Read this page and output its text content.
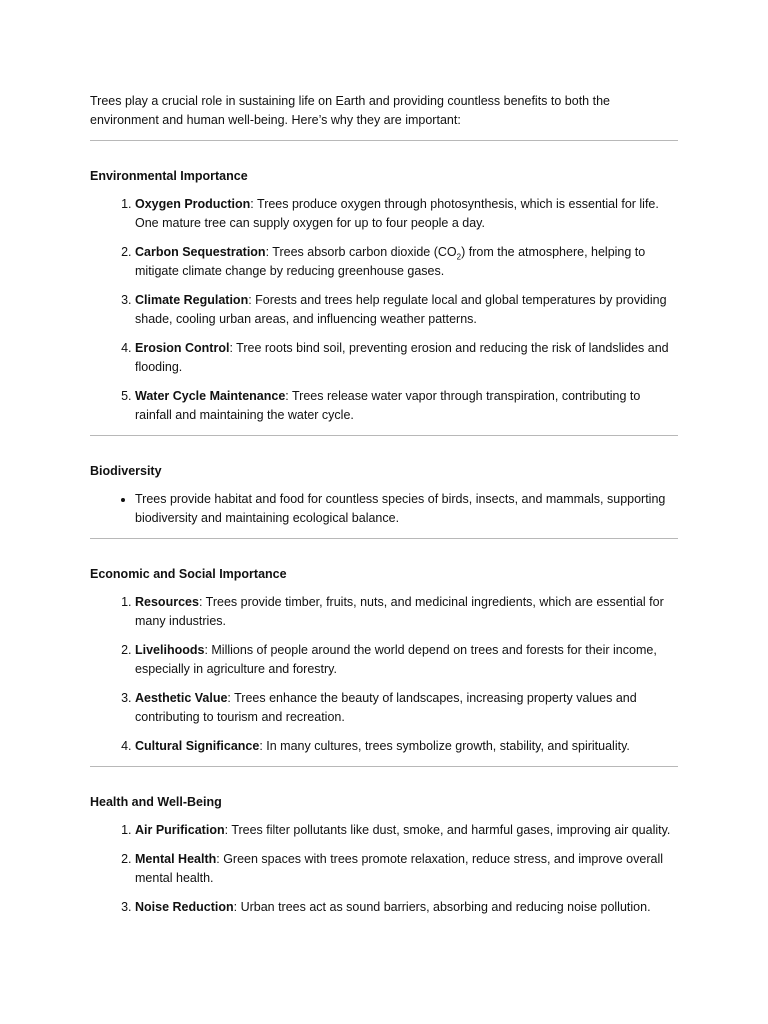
Trees play a crucial role in sustaining life on Earth and providing countless benefits to both the environment and human well-being. Here’s why they are important:

Environmental Importance
1. Oxygen Production: Trees produce oxygen through photosynthesis, which is essential for life. One mature tree can supply oxygen for up to four people a day.
2. Carbon Sequestration: Trees absorb carbon dioxide $(CO_2)$ from the atmosphere, helping to mitigate climate change by reducing greenhouse gases.
3. Climate Regulation: Forests and trees help regulate local and global temperatures by providing shade, cooling urban areas, and influencing weather patterns.
4. Erosion Control: Tree roots bind soil, preventing erosion and reducing the risk of landslides and flooding.
5. Water Cycle Maintenance: Trees release water vapor through transpiration, contributing to rainfall and maintaining the water cycle.
Biodiversity
• Trees provide habitat and food for countless species of birds, insects, and mammals, supporting biodiversity and maintaining ecological balance.
Economic and Social Importance
1. Resources: Trees provide timber, fruits, nuts, and medicinal ingredients, which are essential for many industries.
2. Livelihoods: Millions of people around the world depend on trees and forests for their income, especially in agriculture and forestry.
3. Aesthetic Value: Trees enhance the beauty of landscapes, increasing property values and contributing to tourism and recreation.
4. Cultural Significance: In many cultures, trees symbolize growth, stability, and spirituality.
Health and Well-Being
1. Air Purification: Trees filter pollutants like dust, smoke, and harmful gases, improving air quality.
2. Mental Health: Green spaces with trees promote relaxation, reduce stress, and improve overall mental health.
3. Noise Reduction: Urban trees act as sound barriers, absorbing and reducing noise pollution.
